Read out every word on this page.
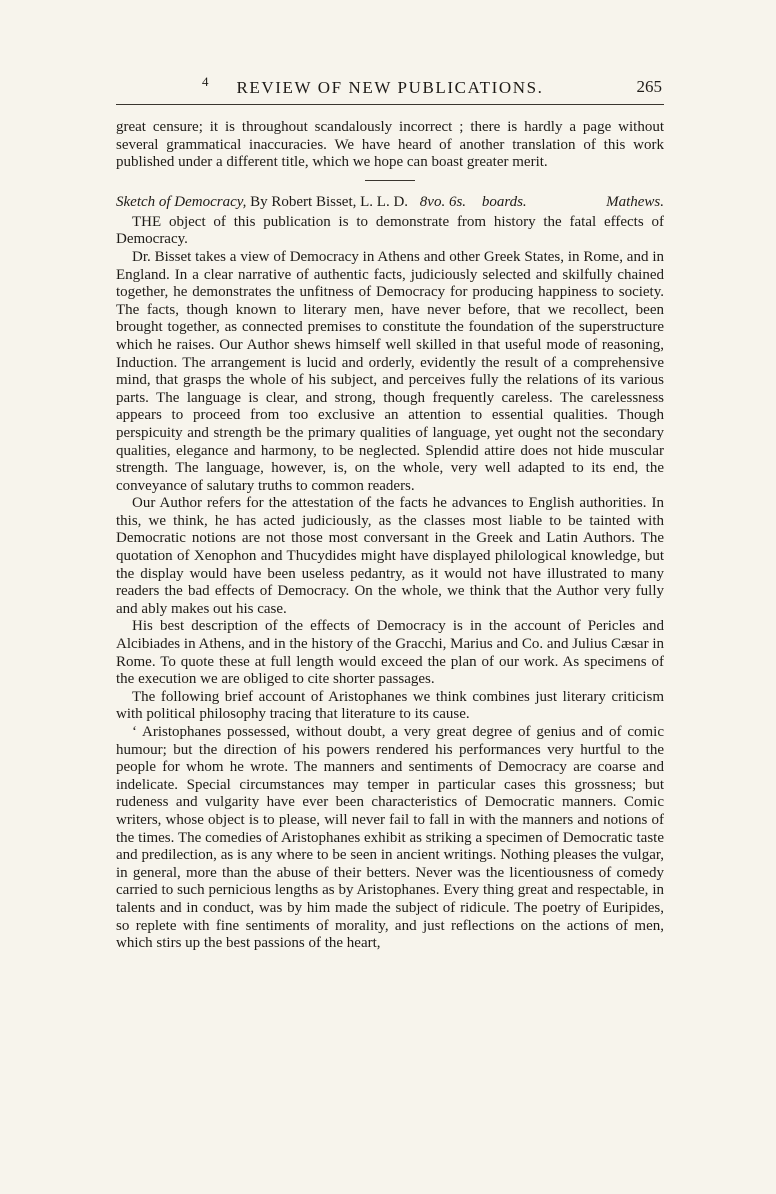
4	REVIEW OF NEW PUBLICATIONS.	265

great censure; it is throughout scandalously incorrect ; there is hardly a page without several grammatical inaccuracies. We have heard of another translation of this work published under a different title, which we hope can boast greater merit.

Sketch of Democracy, By Robert Bisset, L. L. D. 8vo. 6s. boards.	Mathews.

THE object of this publication is to demonstrate from history the fatal effects of Democracy.

Dr. Bisset takes a view of Democracy in Athens and other Greek States, in Rome, and in England. In a clear narrative of authentic facts, judiciously selected and skilfully chained together, he demonstrates the unfitness of Democracy for producing happiness to society. The facts, though known to literary men, have never before, that we recollect, been brought together, as connected premises to constitute the foundation of the superstructure which he raises. Our Author shews himself well skilled in that useful mode of reasoning, Induction. The arrangement is lucid and orderly, evidently the result of a comprehensive mind, that grasps the whole of his subject, and perceives fully the relations of its various parts. The language is clear, and strong, though frequently careless. The carelessness appears to proceed from too exclusive an attention to essential qualities. Though perspicuity and strength be the primary qualities of language, yet ought not the secondary qualities, elegance and harmony, to be neglected. Splendid attire does not hide muscular strength. The language, however, is, on the whole, very well adapted to its end, the conveyance of salutary truths to common readers.

Our Author refers for the attestation of the facts he advances to English authorities. In this, we think, he has acted judiciously, as the classes most liable to be tainted with Democratic notions are not those most conversant in the Greek and Latin Authors. The quotation of Xenophon and Thucydides might have displayed philological knowledge, but the display would have been useless pedantry, as it would not have illustrated to many readers the bad effects of Democracy. On the whole, we think that the Author very fully and ably makes out his case.

His best description of the effects of Democracy is in the account of Pericles and Alcibiades in Athens, and in the history of the Gracchi, Marius and Co. and Julius Cæsar in Rome. To quote these at full length would exceed the plan of our work. As specimens of the execution we are obliged to cite shorter passages.

The following brief account of Aristophanes we think combines just literary criticism with political philosophy tracing that literature to its cause.

‘ Aristophanes possessed, without doubt, a very great degree of genius and of comic humour; but the direction of his powers rendered his performances very hurtful to the people for whom he wrote. The manners and sentiments of Democracy are coarse and indelicate. Special circumstances may temper in particular cases this grossness; but rudeness and vulgarity have ever been characteristics of Democratic manners. Comic writers, whose object is to please, will never fail to fall in with the manners and notions of the times. The comedies of Aristophanes exhibit as striking a specimen of Democratic taste and predilection, as is any where to be seen in ancient writings. Nothing pleases the vulgar, in general, more than the abuse of their betters. Never was the licentiousness of comedy carried to such pernicious lengths as by Aristophanes. Every thing great and respectable, in talents and in conduct, was by him made the subject of ridicule. The poetry of Euripides, so replete with fine sentiments of morality, and just reflections on the actions of men, which stirs up the best passions of the heart,
